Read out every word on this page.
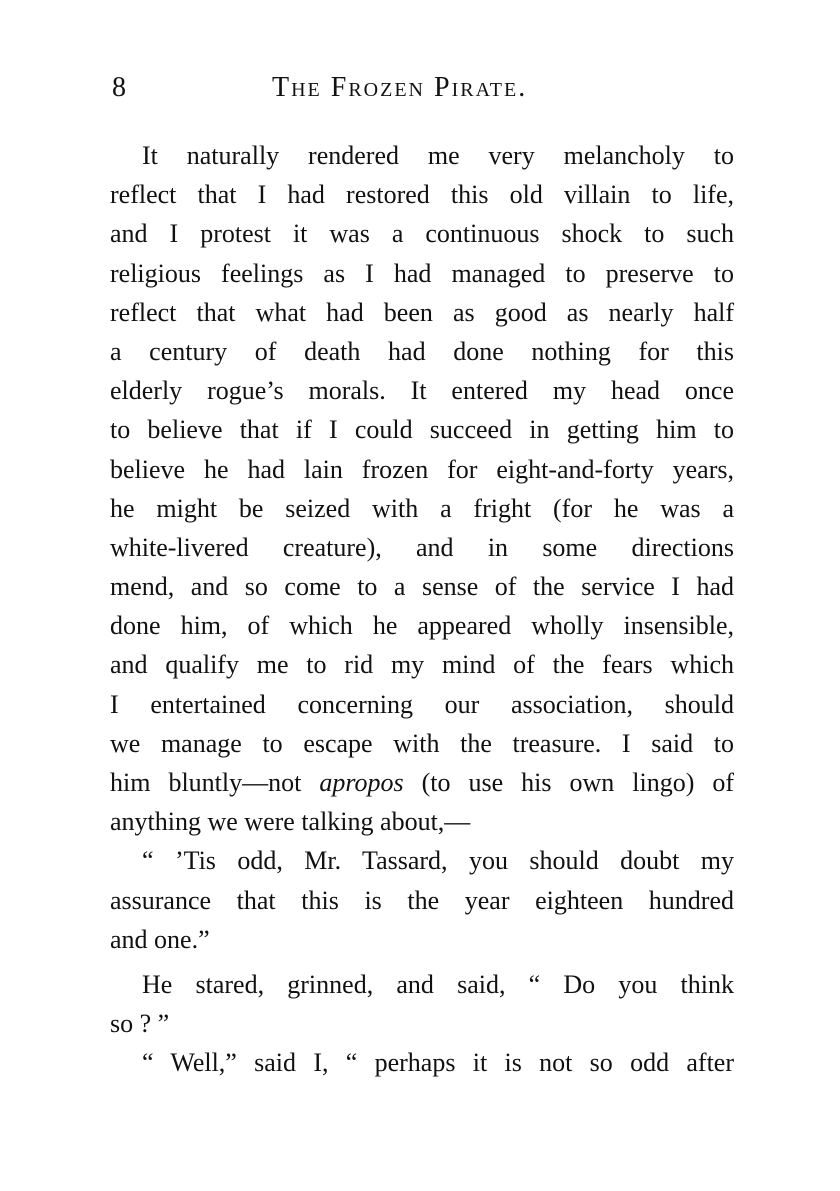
8	The Frozen Pirate.
It naturally rendered me very melancholy to
reflect that I had restored this old villain to life,
and I protest it was a continuous shock to such
religious feelings as I had managed to preserve to
reflect that what had been as good as nearly half
a century of death had done nothing for this
elderly rogue’s morals. It entered my head once
to believe that if I could succeed in getting him to
believe he had lain frozen for eight-and-forty years,
he might be seized with a fright (for he was a
white-livered creature), and in some directions
mend, and so come to a sense of the service I had
done him, of which he appeared wholly insensible,
and qualify me to rid my mind of the fears which
I entertained concerning our association, should
we manage to escape with the treasure. I said to
him bluntly—not apropos (to use his own lingo) of
anything we were talking about,—
“ ’Tis odd, Mr. Tassard, you should doubt my
assurance that this is the year eighteen hundred
and one.”
He stared, grinned, and said, “ Do you think
so ? ”
“ Well,” said I, “ perhaps it is not so odd after
